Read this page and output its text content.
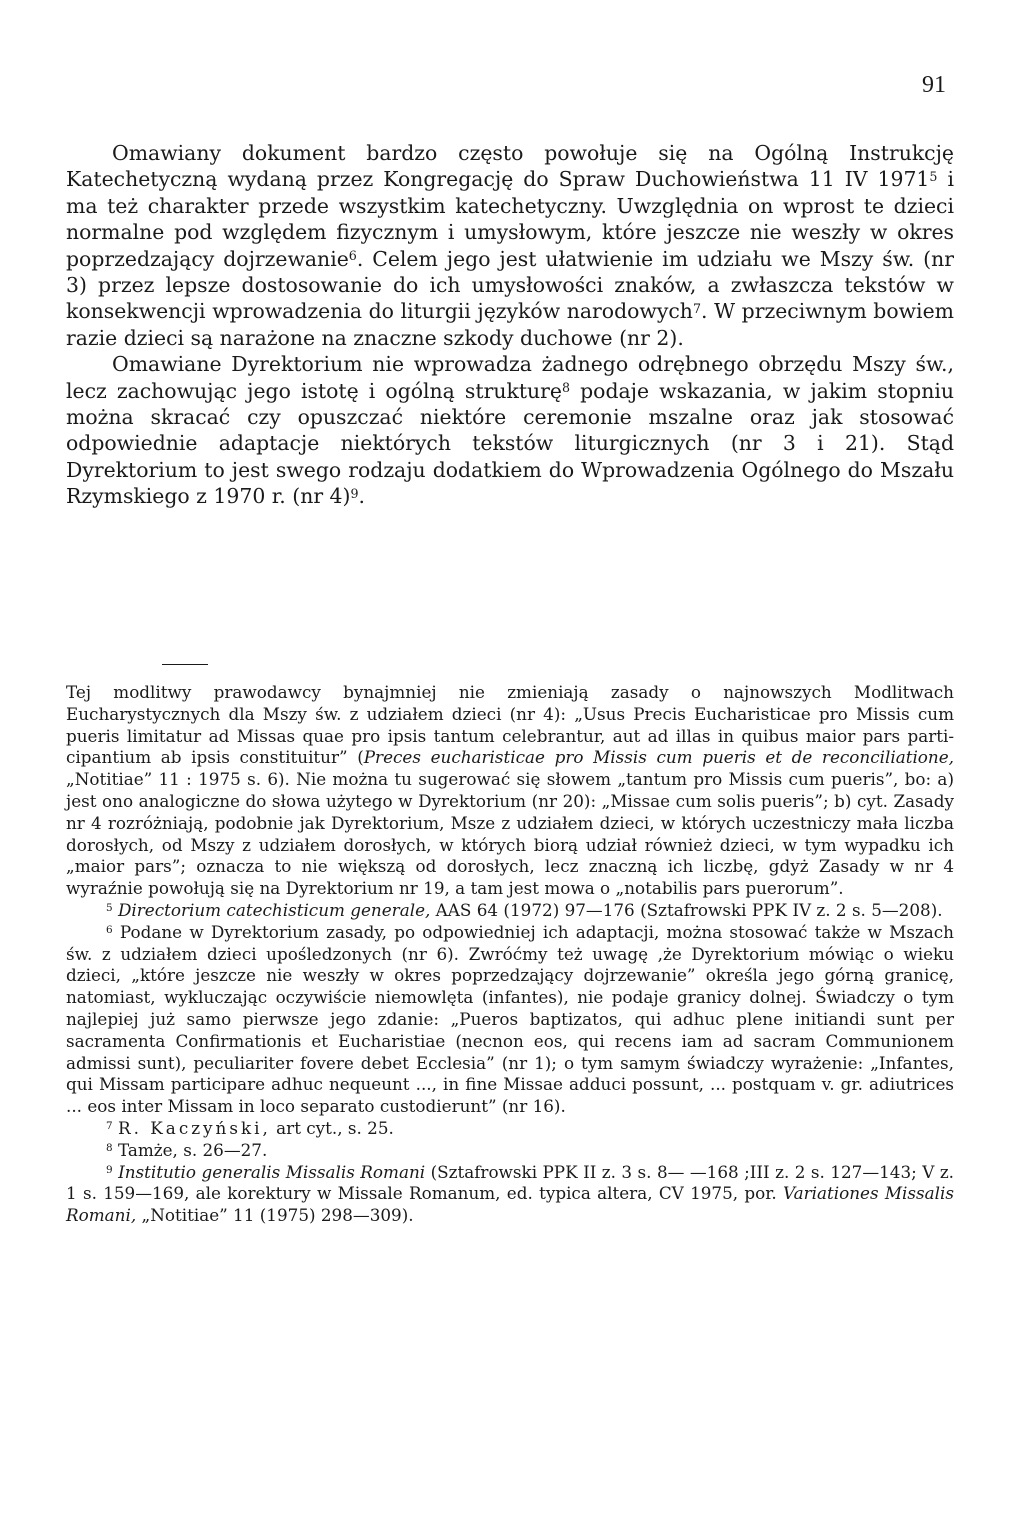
91

Omawiany dokument bardzo często powołuje się na Ogólną Instrukcję Katechetyczną wydaną przez Kongregację do Spraw Duchowieństwa 11 IV 1971$^5$ i ma też charakter przede wszystkim katechetyczny. Uwzględnia on wprost te dzieci normalne pod względem fizycznym i umysłowym, które jeszcze nie weszły w okres poprzedzający dojrzewanie$^6$. Celem jego jest ułatwienie im udziału we Mszy św. (nr 3) przez lepsze dostosowanie do ich umysłowości znaków, a zwłaszcza tekstów w konsekwencji wprowadzenia do liturgii języków narodowych$^7$. W przeciwnym bowiem razie dzieci są narażone na znaczne szkody duchowe (nr 2).

Omawiane Dyrektorium nie wprowadza żadnego odrębnego obrzędu Mszy św., lecz zachowując jego istotę i ogólną strukturę$^8$ podaje wskazania, w jakim stopniu można skracać czy opuszczać niektóre ceremonie mszalne oraz jak stosować odpowiednie adaptacje niektórych tekstów liturgicznych (nr 3 i 21). Stąd Dyrektorium to jest swego rodzaju dodatkiem do Wprowadzenia Ogólnego do Mszału Rzymskiego z 1970 r. (nr 4)$^9$.

Tej modlitwy prawodawcy bynajmniej nie zmieniają zasady o najnowszych Modlitwach Eucharystycznych dla Mszy św. z udziałem dzieci (nr 4): „Usus Precis Eucharisticae pro Missis cum pueris limitatur ad Missas quae pro ipsis tantum celebrantur, aut ad illas in quibus maior pars participantium ab ipsis constituitur” (Preces eucharisticae pro Missis cum pueris et de reconciliatione, „Notitiae” 11 : 1975 s. 6). Nie można tu sugerować się słowem „tantum pro Missis cum pueris”, bo: a) jest ono analogiczne do słowa użytego w Dyrektorium (nr 20): „Missae cum solis pueris”; b) cyt. Zasady nr 4 rozróżniają, podobnie jak Dyrektorium, Msze z udziałem dzieci, w których uczestniczy mała liczba dorosłych, od Mszy z udziałem dorosłych, w których biorą udział również dzieci, w tym wypadku ich „maior pars”; oznacza to nie większą od dorosłych, lecz znaczną ich liczbę, gdyż Zasady w nr 4 wyraźnie powołują się na Dyrektorium nr 19, a tam jest mowa o „notabilis pars puerorum”.

$^5$ Directorium catechisticum generale, AAS 64 (1972) 97—176 (Sztafrowski PPK IV z. 2 s. 5—208).

$^6$ Podane w Dyrektorium zasady, po odpowiedniej ich adaptacji, można stosować także w Mszach św. z udziałem dzieci upośledzonych (nr 6). Zwróćmy też uwagę ,że Dyrektorium mówiąc o wieku dzieci, „które jeszcze nie weszły w okres poprzedzający dojrzewanie” określa jego górną granicę, natomiast, wykluczając oczywiście niemowlęta (infantes), nie podaje granicy dolnej. Świadczy o tym najlepiej już samo pierwsze jego zdanie: „Pueros baptizatos, qui adhuc plene initiandi sunt per sacramenta Confirmationis et Eucharistiae (necnon eos, qui recens iam ad sacram Communionem admissi sunt), peculiariter fovere debet Ecclesia” (nr 1); o tym samym świadczy wyrażenie: „Infantes, qui Missam participare adhuc nequeunt ..., in fine Missae adduci possunt, ... postquam v. gr. adiutrices ... eos inter Missam in loco separato custodierunt” (nr 16).

$^7$ R. Kaczyński, art cyt., s. 25.

$^8$ Tamże, s. 26—27.

$^9$ Institutio generalis Missalis Romani (Sztafrowski PPK II z. 3 s. 8— —168 ;III z. 2 s. 127—143; V z. 1 s. 159—169, ale korektury w Missale Romanum, ed. typica altera, CV 1975, por. Variationes Missalis Romani, „Notitiae” 11 (1975) 298—309).
